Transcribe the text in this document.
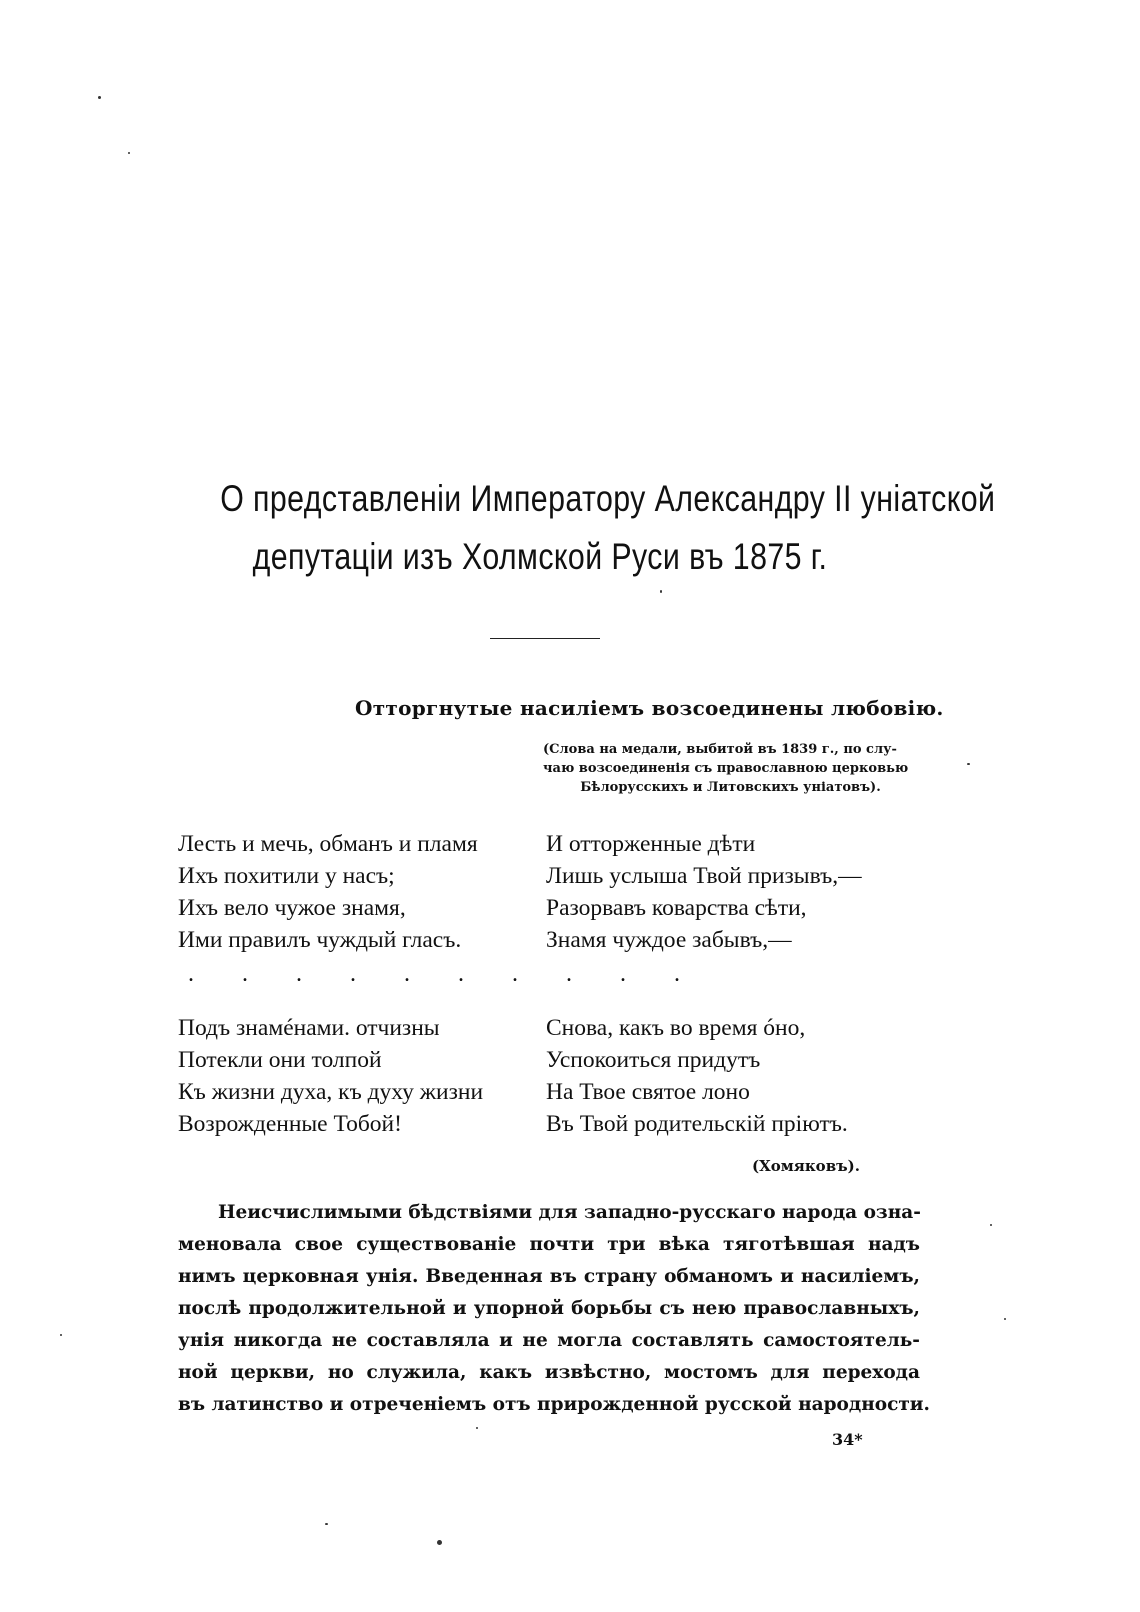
О представленіи Императору Александру II уніатской
депутаціи изъ Холмской Руси въ 1875 г.
Отторгнутые насиліемъ возсоединены любовію.
(Слова на медали, выбитой въ 1839 г., по слу-
чаю возсоединенія съ православною церковью
Бѣлорусскихъ и Литовскихъ уніатовъ).
Лесть и мечь, обманъ и пламя
Ихъ похитили у насъ;
Ихъ вело чужое знамя,
Ими правилъ чуждый гласъ.
И отторженные дѣти
Лишь услыша Твой призывъ,—
Разорвавъ коварства сѣти,
Знамя чуждое забывъ,—
. . . . . . . . . .
Подъ знамéнами. отчизны
Потекли они толпой
Къ жизни духа, къ духу жизни
Возрожденные Тобой!
Снова, какъ во время óно,
Успокоиться придутъ
На Твое святое лоно
Въ Твой родительскій пріютъ.
(Хомяковъ).
Неисчислимыми бѣдствіями для западно-русскаго народа озна-
меновала свое существованіе почти три вѣка тяготѣвшая надъ
нимъ церковная унія. Введенная въ страну обманомъ и насиліемъ,
послѣ продолжительной и упорной борьбы съ нею православныхъ,
унія никогда не составляла и не могла составлять самостоятель-
ной церкви, но служила, какъ извѣстно, мостомъ для перехода
въ латинство и отреченіемъ отъ прирожденной русской народности.
34*
